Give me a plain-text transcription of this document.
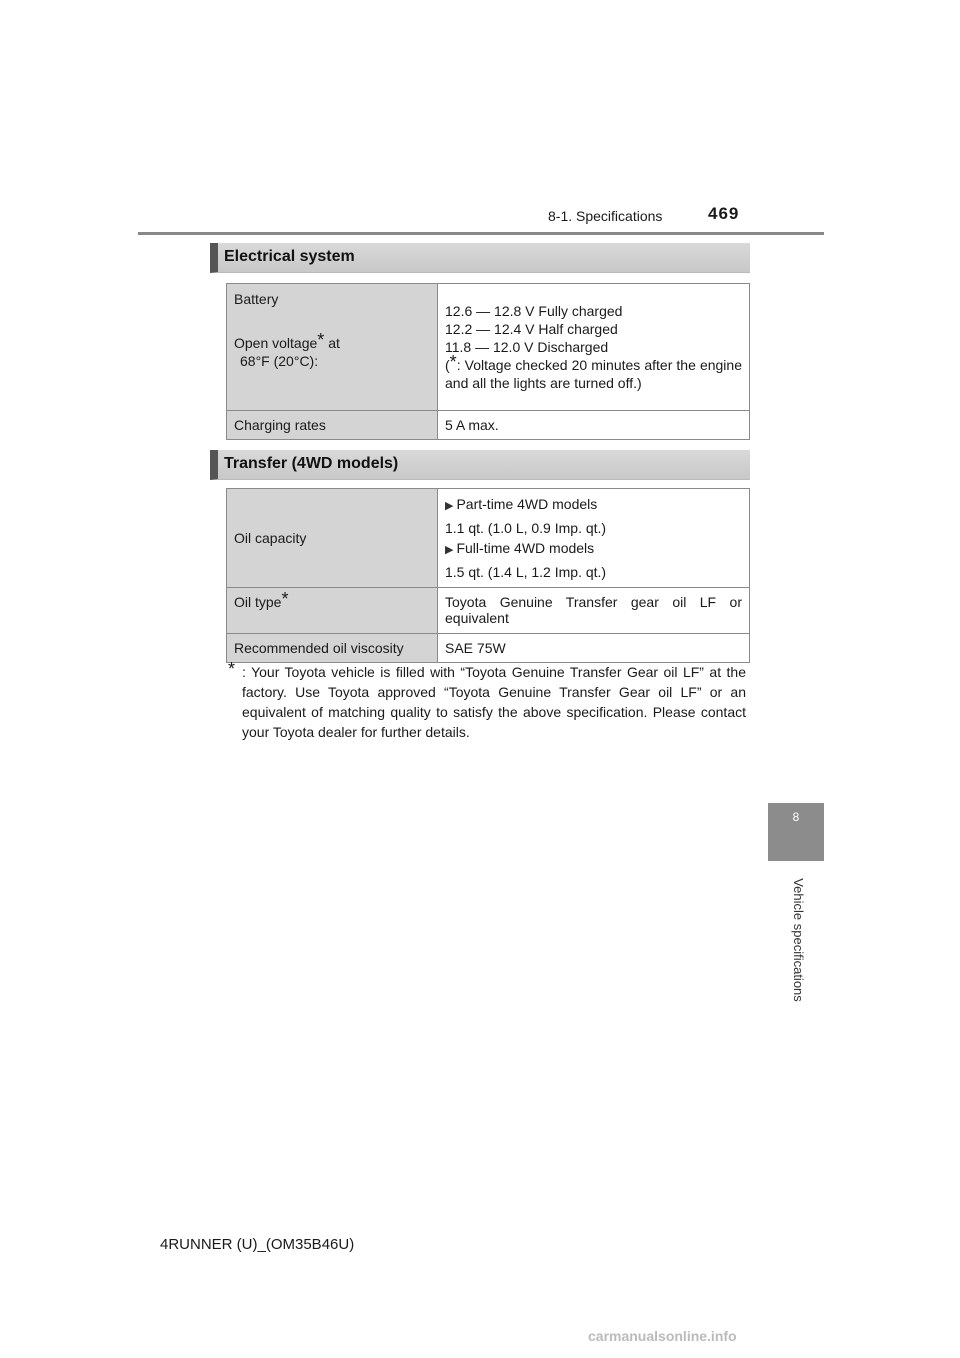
8-1. Specifications	469
8
Vehicle specifications
Electrical system
Battery
Open voltage* at
68°F (20°C):	12.6 — 12.8 V Fully charged
12.2 — 12.4 V Half charged
11.8 — 12.0 V Discharged
(*: Voltage checked 20 minutes after the engine and all the lights are turned off.)

Charging rates	5 A max.
Transfer (4WD models)
Oil capacity	▶ Part-time 4WD models
1.1 qt. (1.0 L, 0.9 Imp. qt.)
▶ Full-time 4WD models
1.5 qt. (1.4 L, 1.2 Imp. qt.)

Oil type*	Toyota Genuine Transfer gear oil LF or equivalent
Recommended oil viscosity	SAE 75W
* : Your Toyota vehicle is filled with “Toyota Genuine Transfer Gear oil LF” at the factory. Use Toyota approved “Toyota Genuine Transfer Gear oil LF” or an equivalent of matching quality to satisfy the above specification. Please contact your Toyota dealer for further details.
4RUNNER (U)_(OM35B46U)
carmanualsonline.info
